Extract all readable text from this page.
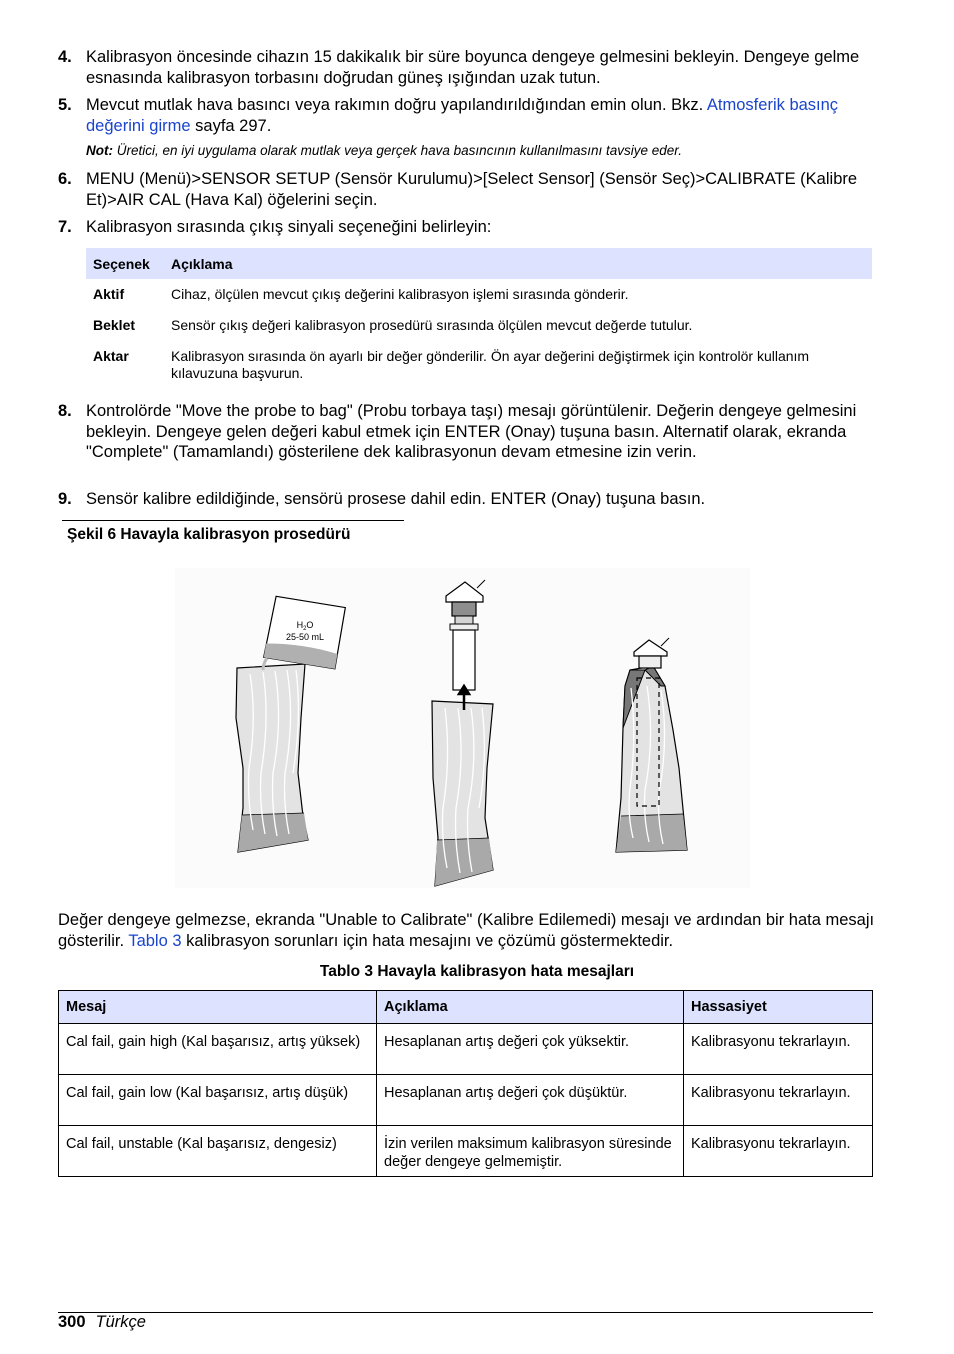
4. Kalibrasyon öncesinde cihazın 15 dakikalık bir süre boyunca dengeye gelmesini bekleyin. Dengeye gelme esnasında kalibrasyon torbasını doğrudan güneş ışığından uzak tutun.
5. Mevcut mutlak hava basıncı veya rakımın doğru yapılandırıldığından emin olun. Bkz. Atmosferik basınç değerini girme sayfa 297.
Not: Üretici, en iyi uygulama olarak mutlak veya gerçek hava basıncının kullanılmasını tavsiye eder.
6. MENU (Menü)>SENSOR SETUP (Sensör Kurulumu)>[Select Sensor] (Sensör Seç)>CALIBRATE (Kalibre Et)>AIR CAL (Hava Kal) öğelerini seçin.
7. Kalibrasyon sırasında çıkış sinyali seçeneğini belirleyin:
Seçenek	Açıklama
Aktif	Cihaz, ölçülen mevcut çıkış değerini kalibrasyon işlemi sırasında gönderir.
Beklet	Sensör çıkış değeri kalibrasyon prosedürü sırasında ölçülen mevcut değerde tutulur.
Aktar	Kalibrasyon sırasında ön ayarlı bir değer gönderilir. Ön ayar değerini değiştirmek için kontrolör kullanım kılavuzuna başvurun.
8. Kontrolörde "Move the probe to bag" (Probu torbaya taşı) mesajı görüntülenir. Değerin dengeye gelmesini bekleyin. Dengeye gelen değeri kabul etmek için ENTER (Onay) tuşuna basın. Alternatif olarak, ekranda "Complete" (Tamamlandı) gösterilene dek kalibrasyonun devam etmesine izin verin.
9. Sensör kalibre edildiğinde, sensörü prosese dahil edin. ENTER (Onay) tuşuna basın.
Şekil 6 Havayla kalibrasyon prosedürü
$H_2O$
25-50 mL
Değer dengeye gelmezse, ekranda "Unable to Calibrate" (Kalibre Edilemedi) mesajı ve ardından bir hata mesajı gösterilir. Tablo 3 kalibrasyon sorunları için hata mesajını ve çözümü göstermektedir.
Tablo 3 Havayla kalibrasyon hata mesajları
Mesaj	Açıklama	Hassasiyet
Cal fail, gain high (Kal başarısız, artış yüksek)	Hesaplanan artış değeri çok yüksektir.	Kalibrasyonu tekrarlayın.
Cal fail, gain low (Kal başarısız, artış düşük)	Hesaplanan artış değeri çok düşüktür.	Kalibrasyonu tekrarlayın.
Cal fail, unstable (Kal başarısız, dengesiz)	İzin verilen maksimum kalibrasyon süresinde değer dengeye gelmemiştir.	Kalibrasyonu tekrarlayın.
300 Türkçe
